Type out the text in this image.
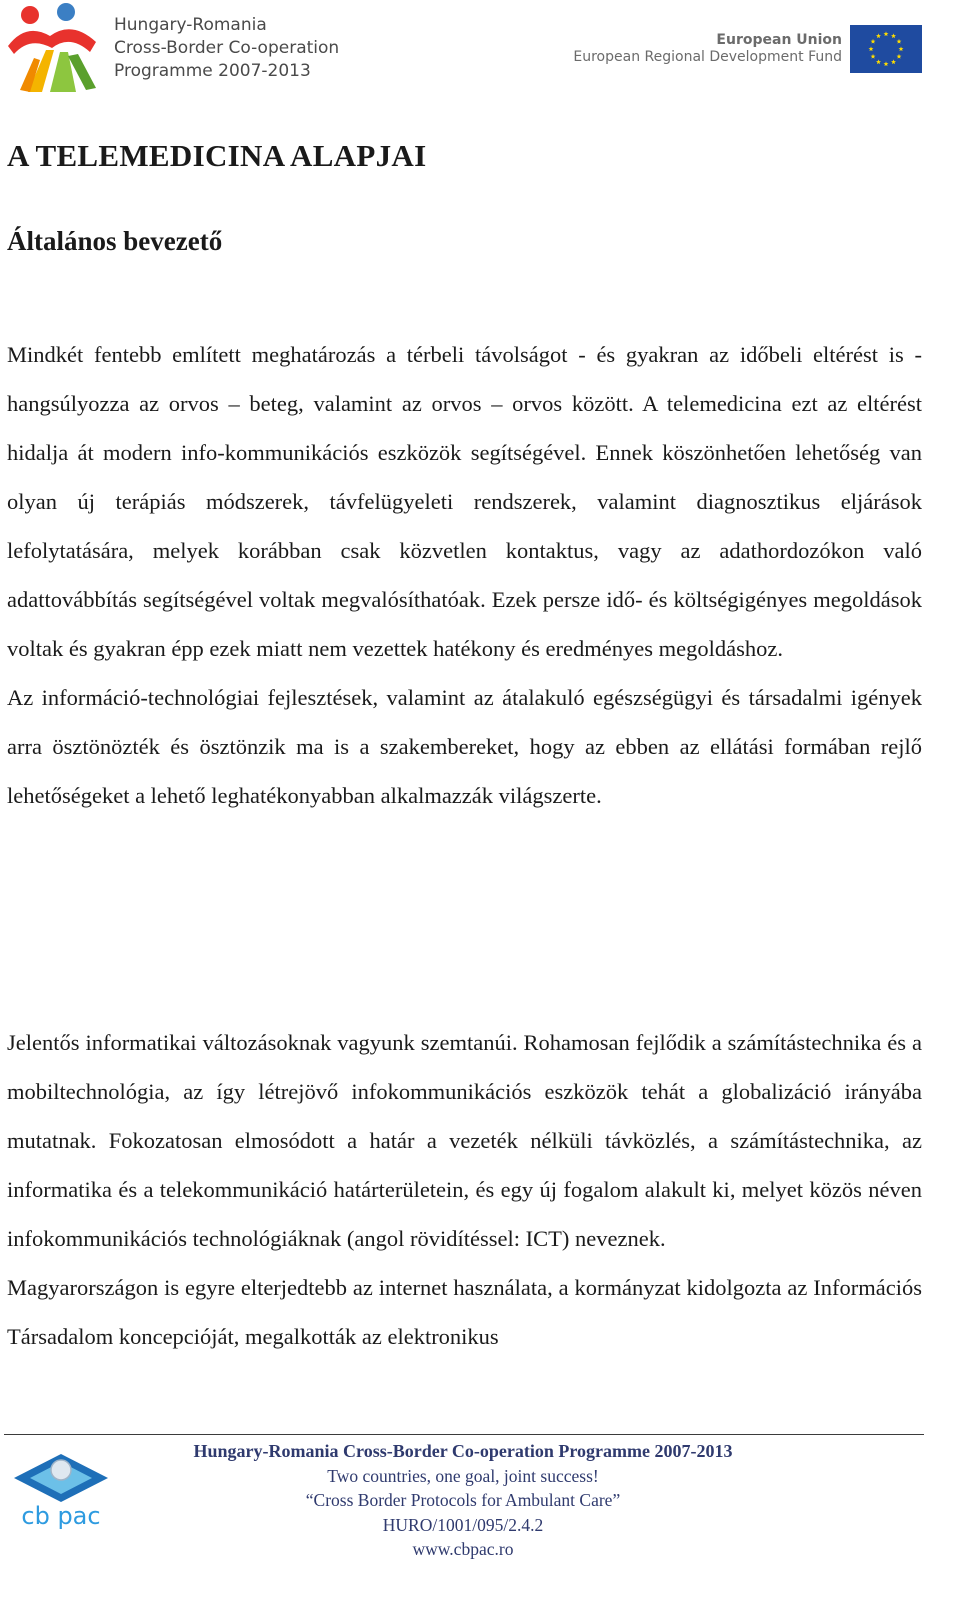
Hungary-Romania
Cross-Border Co-operation
Programme 2007-2013
European Union
European Regional Development Fund
A TELEMEDICINA ALAPJAI
Általános bevezető

Mindkét fentebb említett meghatározás a térbeli távolságot - és gyakran az időbeli eltérést is - hangsúlyozza az orvos – beteg, valamint az orvos – orvos között. A telemedicina ezt az eltérést hidalja át modern info-kommunikációs eszközök segítségével. Ennek köszönhetően lehetőség van olyan új terápiás módszerek, távfelügyeleti rendszerek, valamint diagnosztikus eljárások lefolytatására, melyek korábban csak közvetlen kontaktus, vagy az adathordozókon való adattovábbítás segítségével voltak megvalósíthatóak. Ezek persze idő- és költségigényes megoldások voltak és gyakran épp ezek miatt nem vezettek hatékony és eredményes megoldáshoz.

Az információ-technológiai fejlesztések, valamint az átalakuló egészségügyi és társadalmi igények arra ösztönözték és ösztönzik ma is a szakembereket, hogy az ebben az ellátási formában rejlő lehetőségeket a lehető leghatékonyabban alkalmazzák világszerte.

Jelentős informatikai változásoknak vagyunk szemtanúi. Rohamosan fejlődik a számítástechnika és a mobiltechnológia, az így létrejövő infokommunikációs eszközök tehát a globalizáció irányába mutatnak. Fokozatosan elmosódott a határ a vezeték nélküli távközlés, a számítástechnika, az informatika és a telekommunikáció határterületein, és egy új fogalom alakult ki, melyet közös néven infokommunikációs technológiáknak (angol rövidítéssel: ICT) neveznek.

Magyarországon is egyre elterjedtebb az internet használata, a kormányzat kidolgozta az Információs Társadalom koncepcióját, megalkották az elektronikus

cb pac
Hungary-Romania Cross-Border Co-operation Programme 2007-2013
Two countries, one goal, joint success!
“Cross Border Protocols for Ambulant Care”
HURO/1001/095/2.4.2
www.cbpac.ro
